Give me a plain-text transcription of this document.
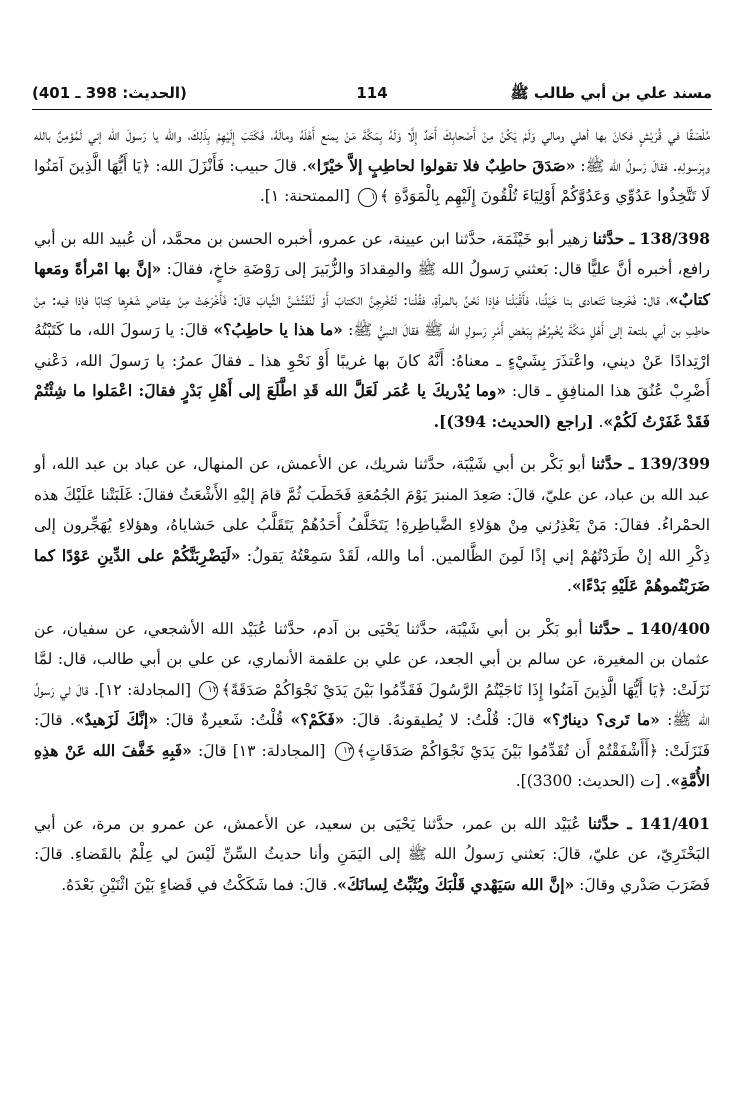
(الحديث: 398 ـ 401)	114	مسند علي بن أبي طالب ﷺ

مُلْصَقًا في قُرَيْشٍ فكانَ بها أهلي ومالي وَلَمْ يَكُنْ مِنْ أَصْحابِكَ أَحَدٌ إِلَّا وَلَهُ بِمَكَّةَ مَنْ يمنع أَهْلَهُ ومالَهُ، فَكَتَبَ إِلَيْهِمْ بِذَلِكَ، والله يا رَسولَ الله إني لَمُؤمِنٌ بالله وبِرَسولِهِ. فقالَ رَسولُ الله ﷺ: «صَدَقَ حاطِبٌ فلا تقولوا لحاطِبٍ إلاَّ خيْرًا». قالَ حبيب: فَأَنْزَلَ الله: ﴿يَا أَيُّهَا الَّذِينَ آمَنُوا لَا تَتَّخِذُوا عَدُوِّي وَعَدُوَّكُمْ أَوْلِيَاءَ تُلْقُونَ إِلَيْهِم بِالْمَوَدَّةِ ﴾١ [الممتحنة: ١].

138/398 ـ حدَّثنا زهير أبو خَيْثَمَة، حدَّثنا ابن عيينة، عن عمرو، أخبره الحسن بن محمَّد، أن عُبيد الله بن أبي رافع، أخبره أنَّ عليًّا قال: بَعثني رَسولُ الله ﷺ والمِقدادَ والزُّبَيرَ إلى رَوْضَةِ خاخٍ، فقالَ: «إنَّ بها امْرأةً ومَعها كتابٌ»، قال: فَخَرجنا تَتَعادى بنا خَيْلُنا، فأَقْبَلْنا فإذا نَحْنُ بالمرأةِ، فقُلْنا: لَتُخْرِجِنَّ الكتابَ أَوْ لَنُفَتِّشَنَّ الثِّيابَ قالَ: فَأَخْرَجَتْ مِنْ عِقاصِ شَعْرِها كِتابًا فإذا فيه: مِنْ حاطِبِ بن أبي بلتعة إلى أَهْلِ مَكَّةَ يُخْبِرُهُمْ بِبَعْضِ أَمْرِ رَسولِ الله ﷺ فقالَ النبيُّ ﷺ: «ما هذا يا حاطِبُ؟» قالَ: يا رَسولَ الله، ما كَتَبْتُهُ ارْتِدادًا عَنْ ديني، واعْتذَرَ بِشَيْءٍ ـ معناهُ: أَنَّهُ كانَ بها غريبًا أَوْ نَحْوِ هذا ـ فقالَ عمرُ: يا رَسولَ الله، دَعْني أَضْرِبْ عُنُقَ هذا المنافِقِ ـ قال: «وما يُدْريكَ يا عُمَر لَعَلَّ الله قَدِ اطَّلَعَ إلى أَهْلِ بَدْرٍ فقالَ: اعْمَلوا ما شِئْتُمْ فَقَدْ غَفَرْتُ لَكُمْ». [راجع (الحديث: 394)].

139/399 ـ حدَّثنا أبو بَكْر بن أبي شَيْبَة، حدَّثنا شريك، عن الأعمش، عن المنهال، عن عباد بن عبد الله، أو عبد الله بن عباد، عن عليّ، قالَ: صَعِدَ المنبرَ يَوْمَ الجُمُعَةِ فَخَطَبَ ثُمَّ قامَ إليْهِ الأَشْعَثُ فقالَ: غَلَبَتْنا عَلَيْكَ هذه الحمْراءُ. فقالَ: مَنْ يَعْذِرُني مِنْ هؤلاءِ الضَّياطِرةِ! يَتَخَلَّفُ أَحَدُهُمْ يَتَقَلَّبُ على حَشاياهُ، وهؤلاءِ يُهَجِّرون إلى ذِكْرِ الله إنْ طَرَدْتُهُمْ إني إذًا لَمِنَ الظَّالمين. أما والله، لَقَدْ سَمِعْتُهُ يَقولُ: «لَيَضْرِبَنَّكُمْ على الدِّينِ عَوْدًا كما ضَرَبْتُموهُمْ عَلَيْهِ بَدْءًا».

140/400 ـ حدَّثنا أبو بَكْر بن أبي شَيْبَة، حدَّثنا يَحْيَى بن آدم، حدَّثنا عُبَيْد الله الأشجعي، عن سفيان، عن عثمان بن المغيرة، عن سالم بن أبي الجعد، عن علي بن علقمة الأنماري، عن علي بن أبي طالب، قال: لمَّا نَزَلَتْ: ﴿يَا أَيُّهَا الَّذِينَ آمَنُوا إِذَا نَاجَيْتُمُ الرَّسُولَ فَقَدِّمُوا بَيْنَ يَدَيْ نَجْوَاكُمْ صَدَقَةً﴾١٢ [المجادلة: ١٢]. قالَ لي رَسولُ الله ﷺ: «ما تَرى؟ دينارٌ؟» قالَ: قُلْتُ: لا يُطيقونهُ. قالَ: «فَكَمْ؟» قُلْتُ: شَعيرةٌ قالَ: «إنَّكَ لَزَهيدٌ». قالَ: فَنَزَلَتْ: ﴿أَأَشْفَقْتُمْ أَن تُقَدِّمُوا بَيْنَ يَدَيْ نَجْوَاكُمْ صَدَقَاتٍ﴾١٣ [المجادلة: ١٣] قالَ: «فَبِهِ خَفَّفَ الله عَنْ هذِهِ الأُمَّةِ». [ت (الحديث: 3300)].

141/401 ـ حدَّثنا عُبَيْد الله بن عمر، حدَّثنا يَحْيَى بن سعيد، عن الأعمش، عن عمرو بن مرة، عن أبي البَخْتَرِيّ، عن عليّ، قالَ: بَعثني رَسولُ الله ﷺ إلى اليَمَنِ وأنا حديثُ السِّنِّ لَيْسَ لي عِلْمٌ بالقَضاءِ. قالَ: فَضَرَبَ صَدْري وقالَ: «إنَّ الله سَيَهْدي قَلْبَكَ ويُثَبِّتُ لِسانَكَ». قالَ: فما شَكَكْتُ في قَضاءٍ بَيْنَ اثْنَيْنِ بَعْدَهُ.
